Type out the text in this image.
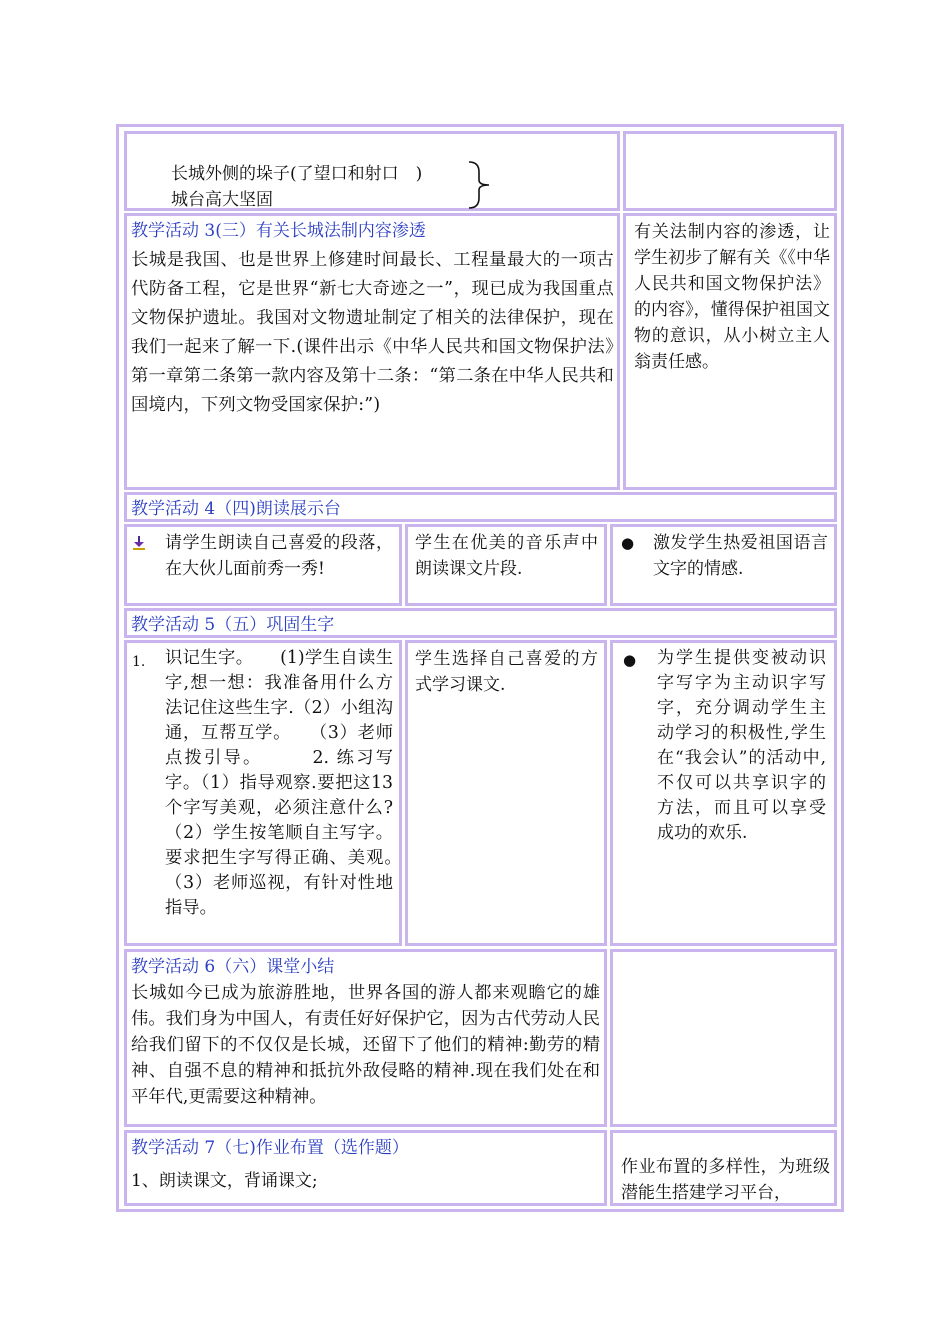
长城外侧的垛子(了望口和射口　)
城台高大坚固
教学活动 3(三）有关长城法制内容渗透
长城是我国、也是世界上修建时间最长、工程量最大的一项古代防备工程，它是世界“新七大奇迹之一”，现已成为我国重点文物保护遗址。我国对文物遗址制定了相关的法律保护，现在我们一起来了解一下.(课件出示《中华人民共和国文物保护法》第一章第二条第一款内容及第十二条：“第二条在中华人民共和国境内，下列文物受国家保护:”)
有关法制内容的渗透，让学生初步了解有关《《中华人民共和国文物保护法》的内容》，懂得保护祖国文物的意识，从小树立主人翁责任感。
教学活动 4（四)朗读展示台
请学生朗读自己喜爱的段落，在大伙儿面前秀一秀!
学生在优美的音乐声中朗读课文片段.
● 激发学生热爱祖国语言文字的情感.
教学活动 5（五）巩固生字
1. 识记生字。　　(1)学生自读生字,想一想：我准备用什么方法记住这些生字.（2）小组沟通，互帮互学。　　（3）老师点拨引导。　　　2. 练习写字。（1）指导观察.要把这13个字写美观，必须注意什么?　　（2）学生按笔顺自主写字。要求把生字写得正确、美观。　　（3）老师巡视，有针对性地指导。
学生选择自己喜爱的方式学习课文.
● 为学生提供变被动识字写字为主动识字写字，充分调动学生主动学习的积极性,学生在“我会认”的活动中,不仅可以共享识字的方法，而且可以享受成功的欢乐.
教学活动 6（六）课堂小结
长城如今已成为旅游胜地，世界各国的游人都来观瞻它的雄伟。我们身为中国人，有责任好好保护它，因为古代劳动人民给我们留下的不仅仅是长城，还留下了他们的精神:勤劳的精神、自强不息的精神和抵抗外敌侵略的精神.现在我们处在和平年代,更需要这种精神。
教学活动 7（七)作业布置（选作题）
1、朗读课文，背诵课文;
作业布置的多样性，为班级潜能生搭建学习平台，
